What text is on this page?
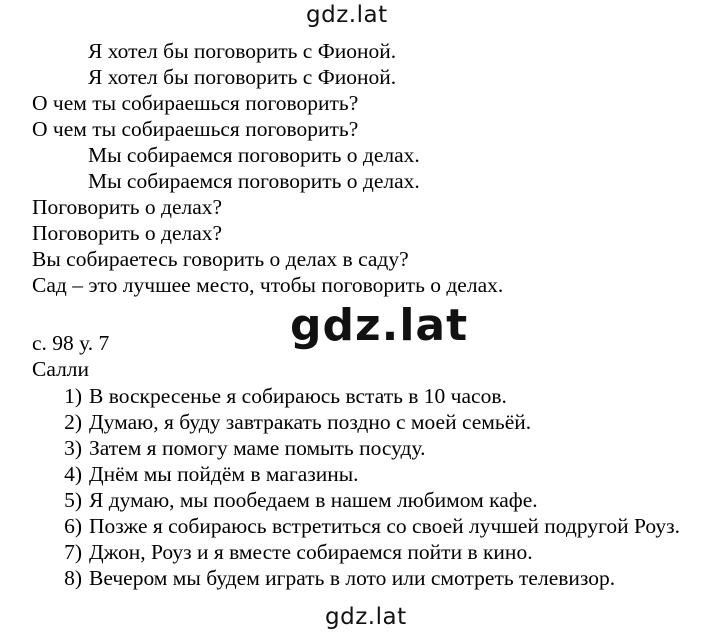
gdz.lat
Я хотел бы поговорить с Фионой.
Я хотел бы поговорить с Фионой.
О чем ты собираешься поговорить?
О чем ты собираешься поговорить?
Мы собираемся поговорить о делах.
Мы собираемся поговорить о делах.
Поговорить о делах?
Поговорить о делах?
Вы собираетесь говорить о делах в саду?
Сад – это лучшее место, чтобы поговорить о делах.
gdz.lat
с. 98 у. 7
Салли
1) В воскресенье я собираюсь встать в 10 часов.
2) Думаю, я буду завтракать поздно с моей семьёй.
3) Затем я помогу маме помыть посуду.
4) Днём мы пойдём в магазины.
5) Я думаю, мы пообедаем в нашем любимом кафе.
6) Позже я собираюсь встретиться со своей лучшей подругой Роуз.
7) Джон, Роуз и я вместе собираемся пойти в кино.
8) Вечером мы будем играть в лото или смотреть телевизор.
gdz.lat
